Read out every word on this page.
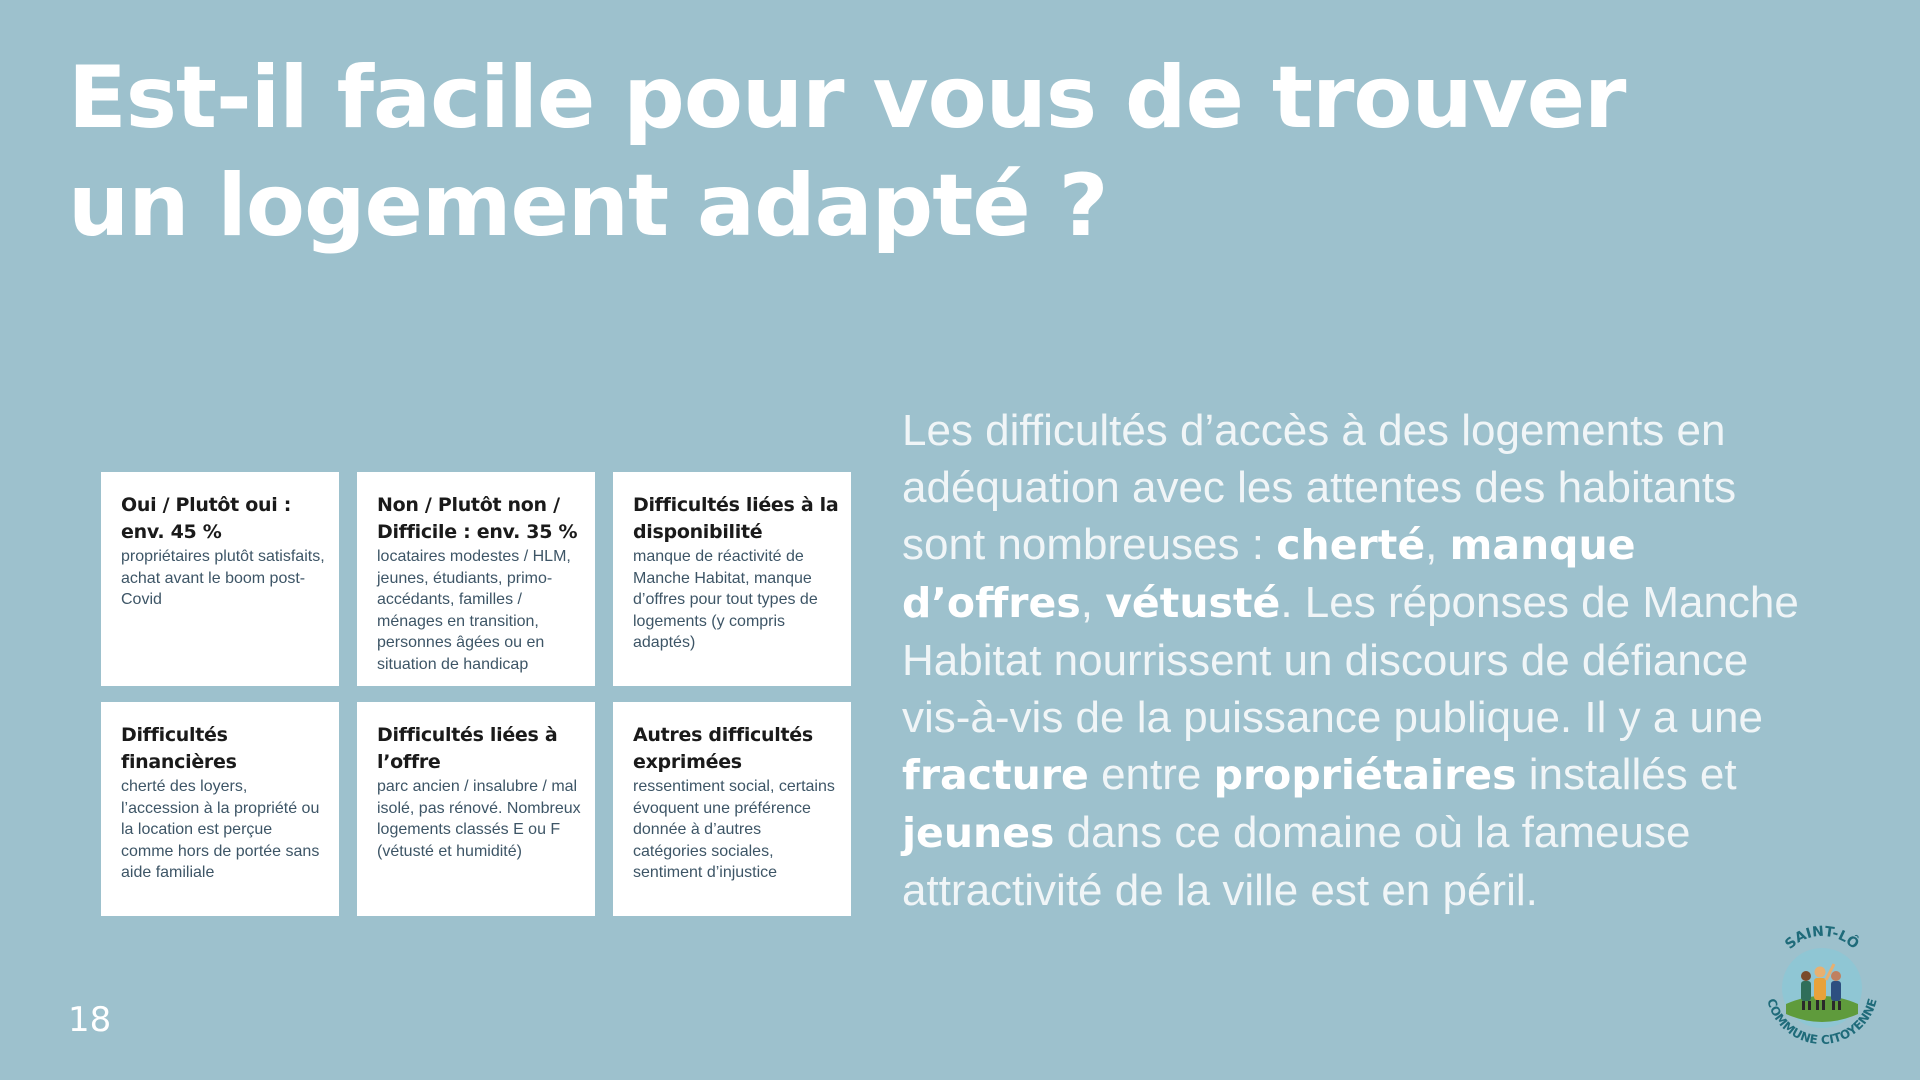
Est-il facile pour vous de trouver un logement adapté ?
Oui / Plutôt oui : env. 45 %
propriétaires plutôt satisfaits, achat avant le boom post-Covid
Non / Plutôt non / Difficile : env. 35 %
locataires modestes / HLM, jeunes, étudiants, primo-accédants, familles / ménages en transition, personnes âgées ou en situation de handicap
Difficultés liées à la disponibilité
manque de réactivité de Manche Habitat, manque d’offres pour tout types de logements (y compris adaptés)
Difficultés financières
cherté des loyers, l’accession à la propriété ou la location est perçue comme hors de portée sans aide familiale
Difficultés liées à l’offre
parc ancien / insalubre / mal isolé, pas rénové. Nombreux logements classés E ou F (vétusté et humidité)
Autres difficultés exprimées
ressentiment social, certains évoquent une préférence donnée à d’autres catégories sociales, sentiment d’injustice

Les difficultés d’accès à des logements en adéquation avec les attentes des habitants sont nombreuses : cherté, manque d’offres, vétusté. Les réponses de Manche Habitat nourrissent un discours de défiance vis-à-vis de la puissance publique. Il y a une fracture entre propriétaires installés et jeunes dans ce domaine où la fameuse attractivité de la ville est en péril.

18
SAINT-LÔ
COMMUNE CITOYENNE
